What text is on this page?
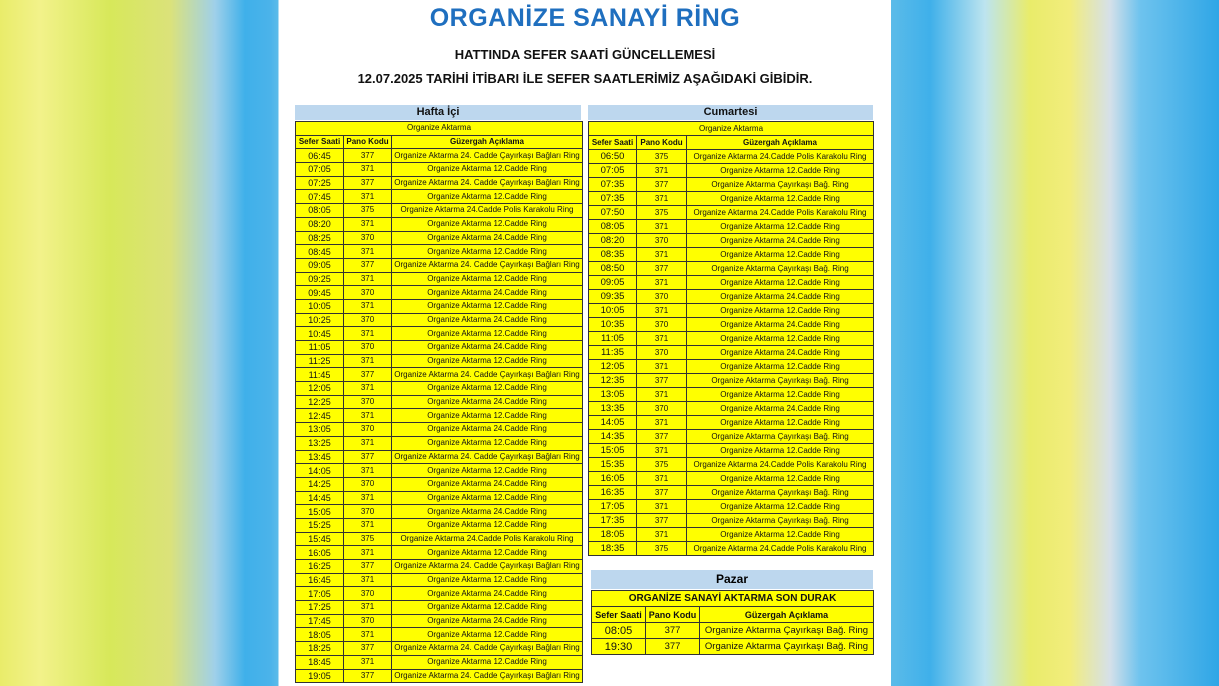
ORGANİZE SANAYİ RİNG
HATTINDA SEFER SAATİ GÜNCELLEMESİ
12.07.2025 TARİHİ İTİBARI İLE SEFER SAATLERİMİZ AŞAĞIDAKİ GİBİDİR.
Hafta İçi
Organize Aktarma		
Sefer Saati	Pano Kodu	Güzergah Açıklama
06:45	377	Organize Aktarma 24. Cadde Çayırkaşı Bağları Ring
07:05	371	Organize Aktarma 12.Cadde Ring
07:25	377	Organize Aktarma 24. Cadde Çayırkaşı Bağları Ring
07:45	371	Organize Aktarma 12.Cadde Ring
08:05	375	Organize Aktarma 24.Cadde Polis Karakolu Ring
08:20	371	Organize Aktarma 12.Cadde Ring
08:25	370	Organize Aktarma 24.Cadde Ring
08:45	371	Organize Aktarma 12.Cadde Ring
09:05	377	Organize Aktarma 24. Cadde Çayırkaşı Bağları Ring
09:25	371	Organize Aktarma 12.Cadde Ring
09:45	370	Organize Aktarma 24.Cadde Ring
10:05	371	Organize Aktarma 12.Cadde Ring
10:25	370	Organize Aktarma 24.Cadde Ring
10:45	371	Organize Aktarma 12.Cadde Ring
11:05	370	Organize Aktarma 24.Cadde Ring
11:25	371	Organize Aktarma 12.Cadde Ring
11:45	377	Organize Aktarma 24. Cadde Çayırkaşı Bağları Ring
12:05	371	Organize Aktarma 12.Cadde Ring
12:25	370	Organize Aktarma 24.Cadde Ring
12:45	371	Organize Aktarma 12.Cadde Ring
13:05	370	Organize Aktarma 24.Cadde Ring
13:25	371	Organize Aktarma 12.Cadde Ring
13:45	377	Organize Aktarma 24. Cadde Çayırkaşı Bağları Ring
14:05	371	Organize Aktarma 12.Cadde Ring
14:25	370	Organize Aktarma 24.Cadde Ring
14:45	371	Organize Aktarma 12.Cadde Ring
15:05	370	Organize Aktarma 24.Cadde Ring
15:25	371	Organize Aktarma 12.Cadde Ring
15:45	375	Organize Aktarma 24.Cadde Polis Karakolu Ring
16:05	371	Organize Aktarma 12.Cadde Ring
16:25	377	Organize Aktarma 24. Cadde Çayırkaşı Bağları Ring
16:45	371	Organize Aktarma 12.Cadde Ring
17:05	370	Organize Aktarma 24.Cadde Ring
17:25	371	Organize Aktarma 12.Cadde Ring
17:45	370	Organize Aktarma 24.Cadde Ring
18:05	371	Organize Aktarma 12.Cadde Ring
18:25	377	Organize Aktarma 24. Cadde Çayırkaşı Bağları Ring
18:45	371	Organize Aktarma 12.Cadde Ring
19:05	377	Organize Aktarma 24. Cadde Çayırkaşı Bağları Ring
Cumartesi
Organize Aktarma		
Sefer Saati	Pano Kodu	Güzergah Açıklama
06:50	375	Organize Aktarma 24.Cadde Polis Karakolu Ring
07:05	371	Organize Aktarma 12.Cadde Ring
07:35	377	Organize Aktarma Çayırkaşı Bağ. Ring
07:35	371	Organize Aktarma 12.Cadde Ring
07:50	375	Organize Aktarma 24.Cadde Polis Karakolu Ring
08:05	371	Organize Aktarma 12.Cadde Ring
08:20	370	Organize Aktarma 24.Cadde Ring
08:35	371	Organize Aktarma 12.Cadde Ring
08:50	377	Organize Aktarma Çayırkaşı Bağ. Ring
09:05	371	Organize Aktarma 12.Cadde Ring
09:35	370	Organize Aktarma 24.Cadde Ring
10:05	371	Organize Aktarma 12.Cadde Ring
10:35	370	Organize Aktarma 24.Cadde Ring
11:05	371	Organize Aktarma 12.Cadde Ring
11:35	370	Organize Aktarma 24.Cadde Ring
12:05	371	Organize Aktarma 12.Cadde Ring
12:35	377	Organize Aktarma Çayırkaşı Bağ. Ring
13:05	371	Organize Aktarma 12.Cadde Ring
13:35	370	Organize Aktarma 24.Cadde Ring
14:05	371	Organize Aktarma 12.Cadde Ring
14:35	377	Organize Aktarma Çayırkaşı Bağ. Ring
15:05	371	Organize Aktarma 12.Cadde Ring
15:35	375	Organize Aktarma 24.Cadde Polis Karakolu Ring
16:05	371	Organize Aktarma 12.Cadde Ring
16:35	377	Organize Aktarma Çayırkaşı Bağ. Ring
17:05	371	Organize Aktarma 12.Cadde Ring
17:35	377	Organize Aktarma Çayırkaşı Bağ. Ring
18:05	371	Organize Aktarma 12.Cadde Ring
18:35	375	Organize Aktarma 24.Cadde Polis Karakolu Ring
Pazar
ORGANİZE SANAYİ AKTARMA SON DURAK		
Sefer Saati	Pano Kodu	Güzergah Açıklama
08:05	377	Organize Aktarma Çayırkaşı Bağ. Ring
19:30	377	Organize Aktarma Çayırkaşı Bağ. Ring
